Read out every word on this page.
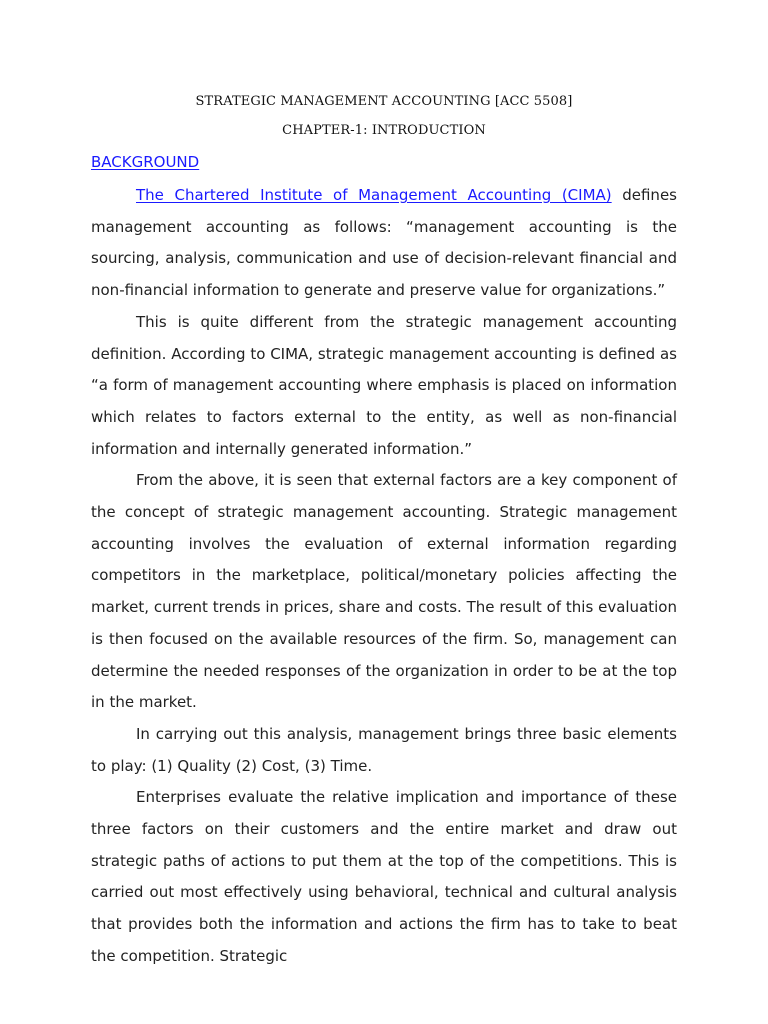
STRATEGIC MANAGEMENT ACCOUNTING [ACC 5508]
CHAPTER-1: INTRODUCTION
BACKGROUND

The Chartered Institute of Management Accounting (CIMA) defines management accounting as follows: “management accounting is the sourcing, analysis, communication and use of decision-relevant financial and non-financial information to generate and preserve value for organizations.”

This is quite different from the strategic management accounting definition. According to CIMA, strategic management accounting is defined as “a form of management accounting where emphasis is placed on information which relates to factors external to the entity, as well as non-financial information and internally generated information.”

From the above, it is seen that external factors are a key component of the concept of strategic management accounting. Strategic management accounting involves the evaluation of external information regarding competitors in the marketplace, political/monetary policies affecting the market, current trends in prices, share and costs. The result of this evaluation is then focused on the available resources of the firm. So, management can determine the needed responses of the organization in order to be at the top in the market.

In carrying out this analysis, management brings three basic elements to play: (1) Quality (2) Cost, (3) Time.

Enterprises evaluate the relative implication and importance of these three factors on their customers and the entire market and draw out strategic paths of actions to put them at the top of the competitions. This is carried out most effectively using behavioral, technical and cultural analysis that provides both the information and actions the firm has to take to beat the competition. Strategic
